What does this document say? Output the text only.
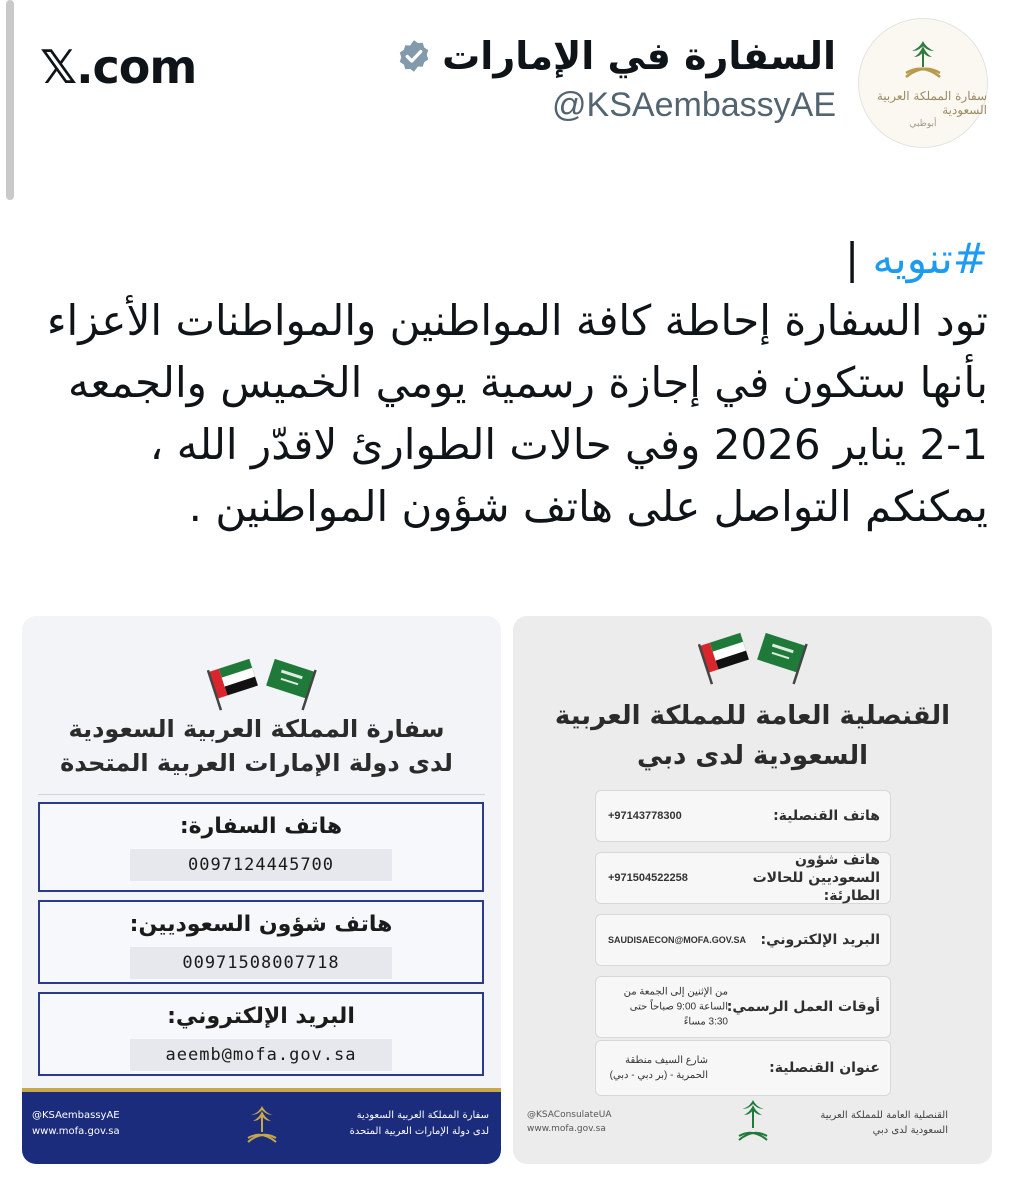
𝕏.com	السفارة في الإمارات
@KSAembassyAE	سفارة المملكة العربية السعودية
أبوظبي
#تنويه |
تود السفارة إحاطة كافة المواطنين والمواطنات الأعزاء بأنها ستكون في إجازة رسمية يومي الخميس والجمعه 1-2 يناير 2026 وفي حالات الطوارئ لاقدّر الله ، يمكنكم التواصل على هاتف شؤون المواطنين .
سفارة المملكة العربية السعودية لدى دولة الإمارات العربية المتحدة
هاتف السفارة:
0097124445700
هاتف شؤون السعوديين:
00971508007718
البريد الإلكتروني:
aeemb@mofa.gov.sa
@KSAembassyAE
www.mofa.gov.sa
سفارة المملكة العربية السعودية
لدى دولة الإمارات العربية المتحدة
القنصلية العامة للمملكة العربية
السعودية لدى دبي
هاتف القنصلية:
+97143778300
هاتف شؤون السعوديين للحالات الطارئة:
+971504522258
البريد الإلكتروني:
SAUDISAECON@MOFA.GOV.SA
أوقات العمل الرسمي:
من الإثنين إلى الجمعة من الساعة 9:00 صباحاً حتى 3:30 مساءً
عنوان القنصلية:
شارع السيف منطقة الحمرية - (بر دبي - دبي)
@KSAConsulateUA
www.mofa.gov.sa
القنصلية العامة للمملكة العربية
السعودية لدى دبي
